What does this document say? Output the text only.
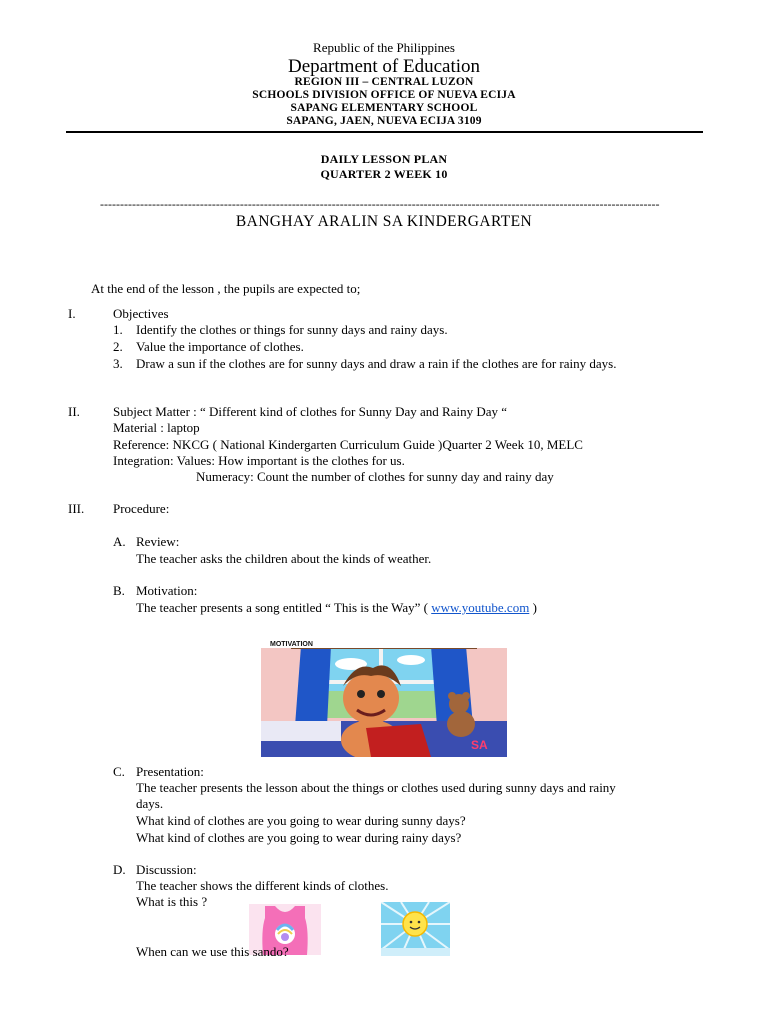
Republic of the Philippines
Department of Education
REGION III – CENTRAL LUZON
SCHOOLS DIVISION OFFICE OF NUEVA ECIJA
SAPANG ELEMENTARY SCHOOL
SAPANG, JAEN, NUEVA ECIJA 3109
DAILY LESSON PLAN
QUARTER 2 WEEK 10
--------------------------------------------------------------------------------------------------------------------------------------------
BANGHAY ARALIN SA KINDERGARTEN
At the end of the lesson , the pupils are expected to;
I.	Objectives
1. Identify the clothes or things for sunny days and rainy days.
2. Value the importance of clothes.
3. Draw a sun if the clothes are for sunny days and draw a rain if the clothes are for rainy days.
II.	Subject Matter : “ Different kind of clothes for Sunny Day and Rainy Day “
Material : laptop
Reference: NKCG ( National Kindergarten Curriculum Guide )Quarter 2 Week 10, MELC
Integration: Values: How important is the clothes for us.
Numeracy: Count the number of clothes for sunny day and rainy day
III. Procedure:
A. Review:
The teacher asks the children about the kinds of weather.
B. Motivation:
The teacher presents a song entitled “ This is the Way” ( www.youtube.com )
MOTIVATION
SA
C. Presentation:
The teacher presents the lesson about the things or clothes used during sunny days and rainy
days.
What kind of clothes are you going to wear during sunny days?
What kind of clothes are you going to wear during rainy days?
D. Discussion:
The teacher shows the different kinds of clothes.
What is this ?
When can we use this sando?
